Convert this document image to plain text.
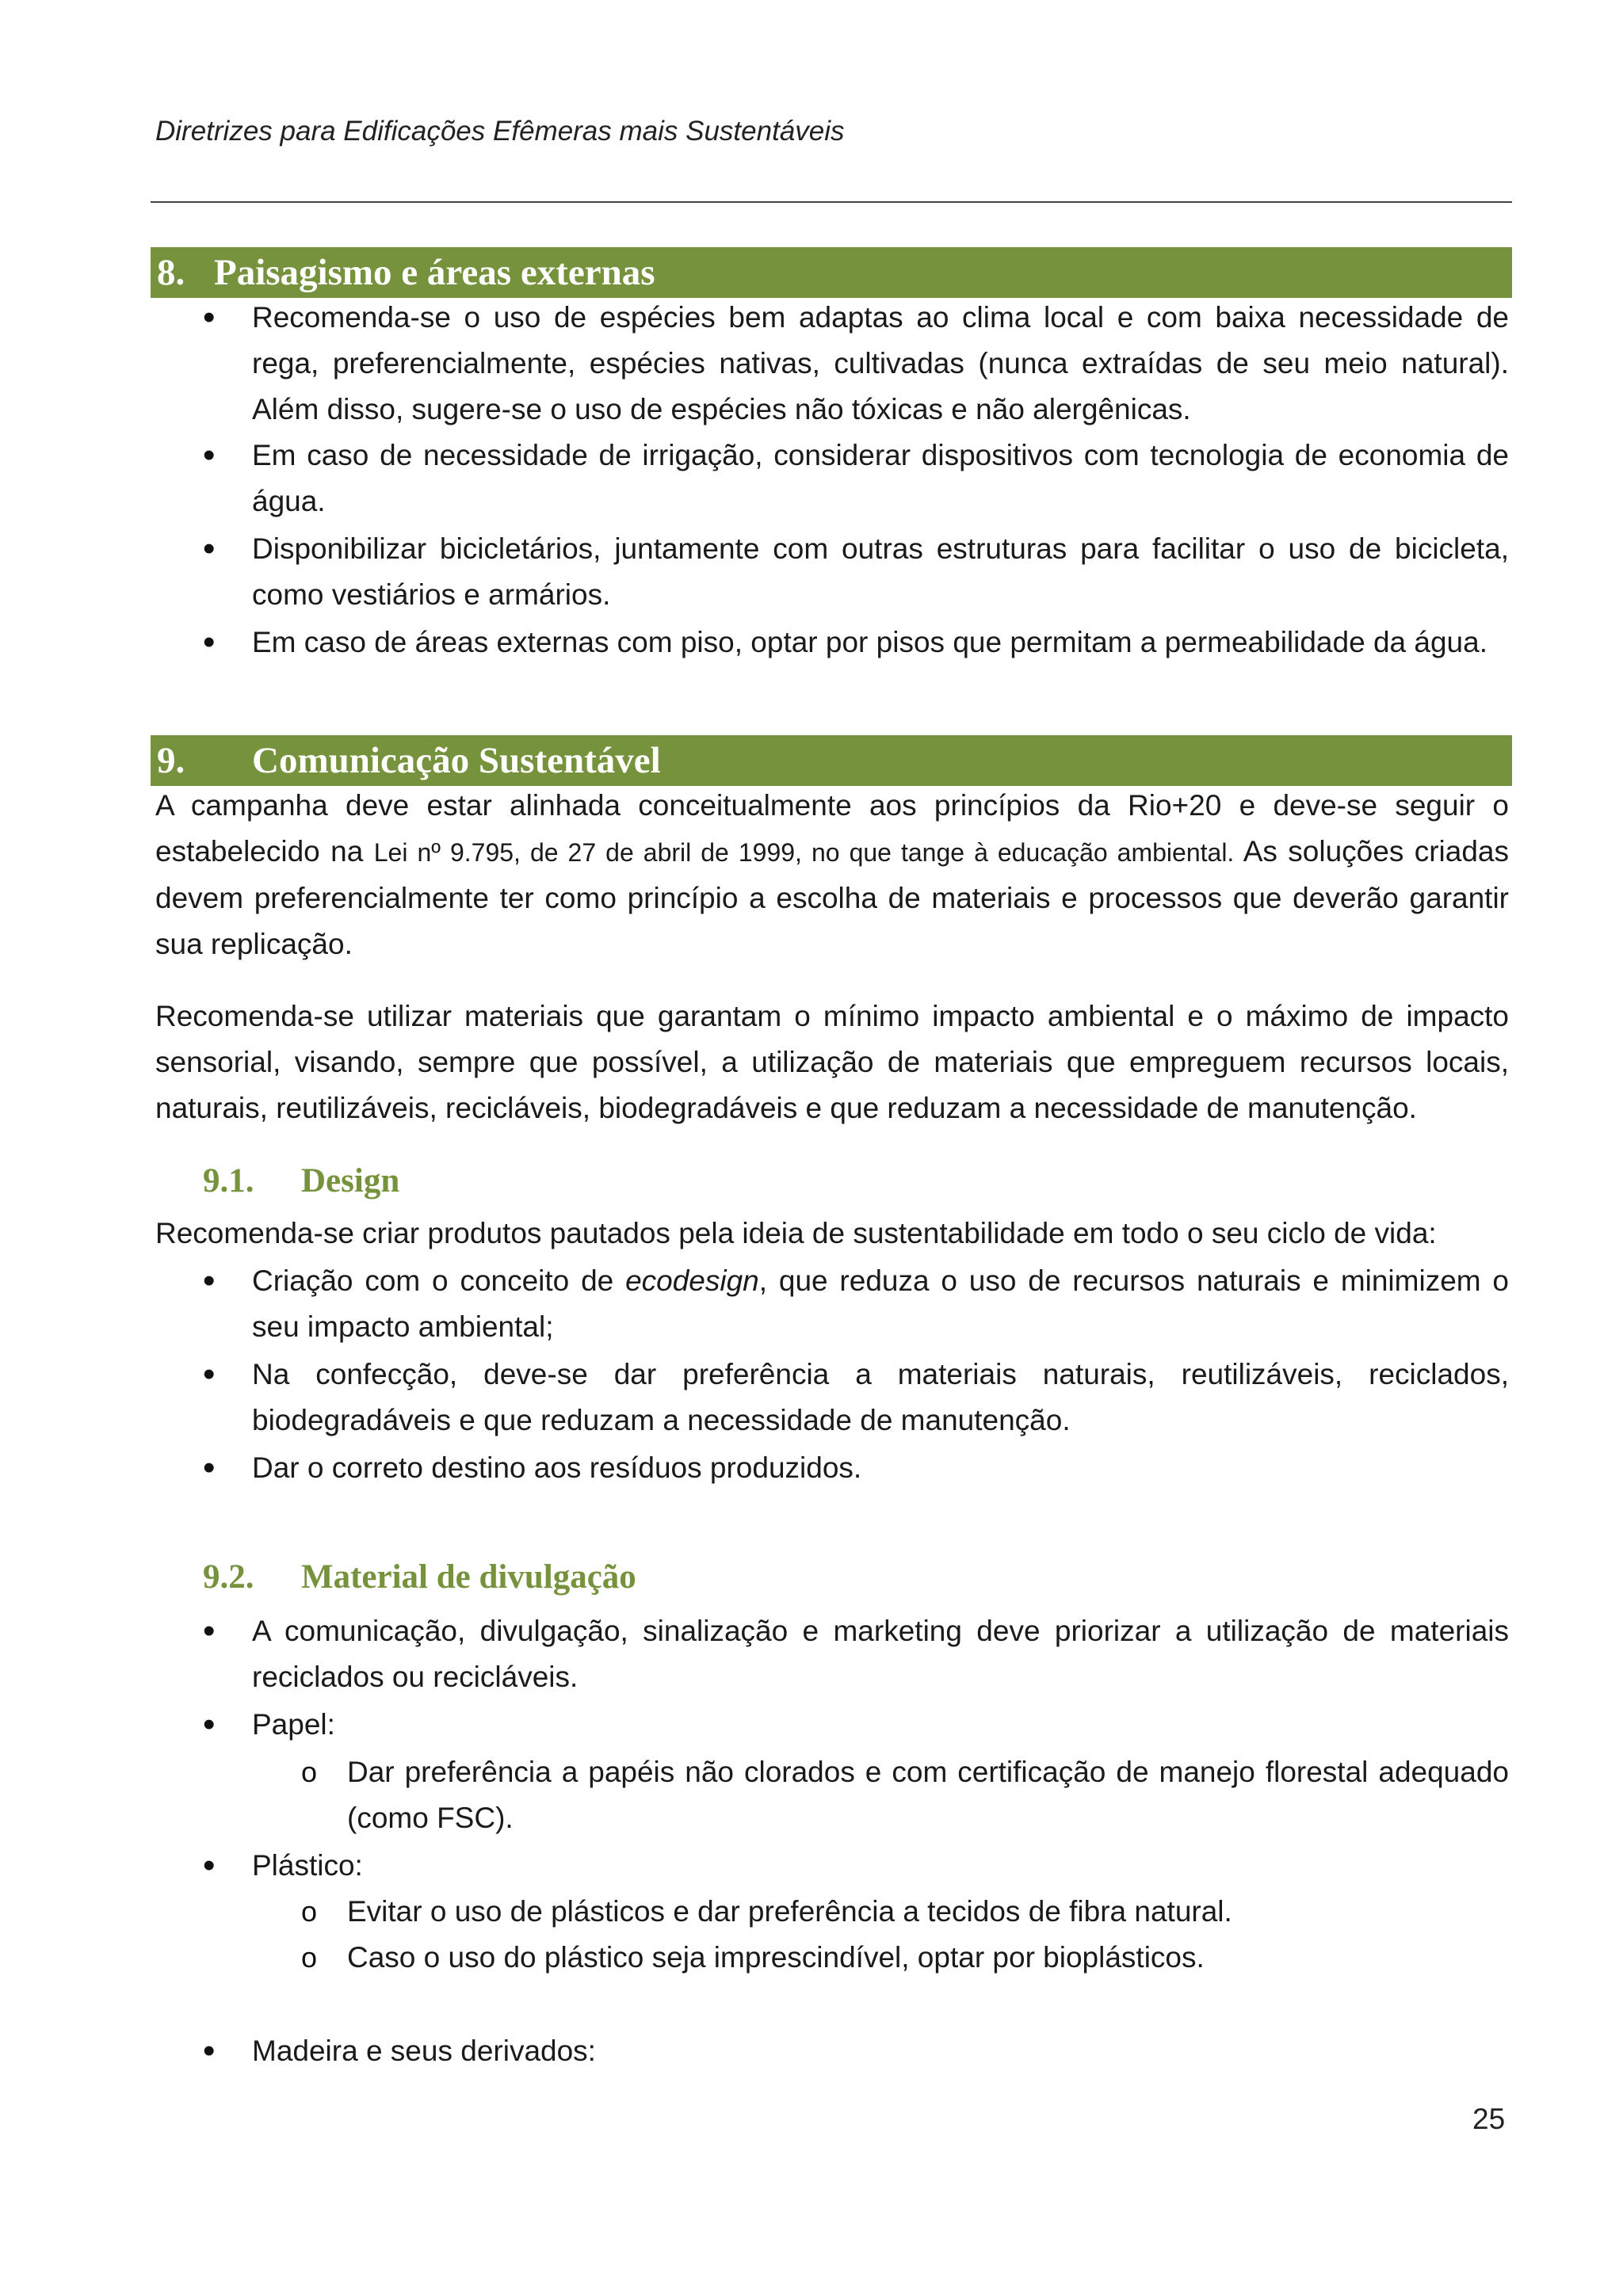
Diretrizes para Edificações Efêmeras mais Sustentáveis
8. Paisagismo e áreas externas
• Recomenda-se o uso de espécies bem adaptas ao clima local e com baixa necessidade de rega, preferencialmente, espécies nativas, cultivadas (nunca extraídas de seu meio natural). Além disso, sugere-se o uso de espécies não tóxicas e não alergênicas.
• Em caso de necessidade de irrigação, considerar dispositivos com tecnologia de economia de água.
• Disponibilizar bicicletários, juntamente com outras estruturas para facilitar o uso de bicicleta, como vestiários e armários.
• Em caso de áreas externas com piso, optar por pisos que permitam a permeabilidade da água.
9. Comunicação Sustentável
A campanha deve estar alinhada conceitualmente aos princípios da Rio+20 e deve-se seguir o estabelecido na Lei nº 9.795, de 27 de abril de 1999, no que tange à educação ambiental. As soluções criadas devem preferencialmente ter como princípio a escolha de materiais e processos que deverão garantir sua replicação.
Recomenda-se utilizar materiais que garantam o mínimo impacto ambiental e o máximo de impacto sensorial, visando, sempre que possível, a utilização de materiais que empreguem recursos locais, naturais, reutilizáveis, recicláveis, biodegradáveis e que reduzam a necessidade de manutenção.
9.1. Design
Recomenda-se criar produtos pautados pela ideia de sustentabilidade em todo o seu ciclo de vida:
• Criação com o conceito de ecodesign, que reduza o uso de recursos naturais e minimizem o seu impacto ambiental;
• Na confecção, deve-se dar preferência a materiais naturais, reutilizáveis, reciclados, biodegradáveis e que reduzam a necessidade de manutenção.
• Dar o correto destino aos resíduos produzidos.
9.2. Material de divulgação
• A comunicação, divulgação, sinalização e marketing deve priorizar a utilização de materiais reciclados ou recicláveis.
• Papel:
o Dar preferência a papéis não clorados e com certificação de manejo florestal adequado (como FSC).
• Plástico:
o Evitar o uso de plásticos e dar preferência a tecidos de fibra natural.
o Caso o uso do plástico seja imprescindível, optar por bioplásticos.
• Madeira e seus derivados:
25
